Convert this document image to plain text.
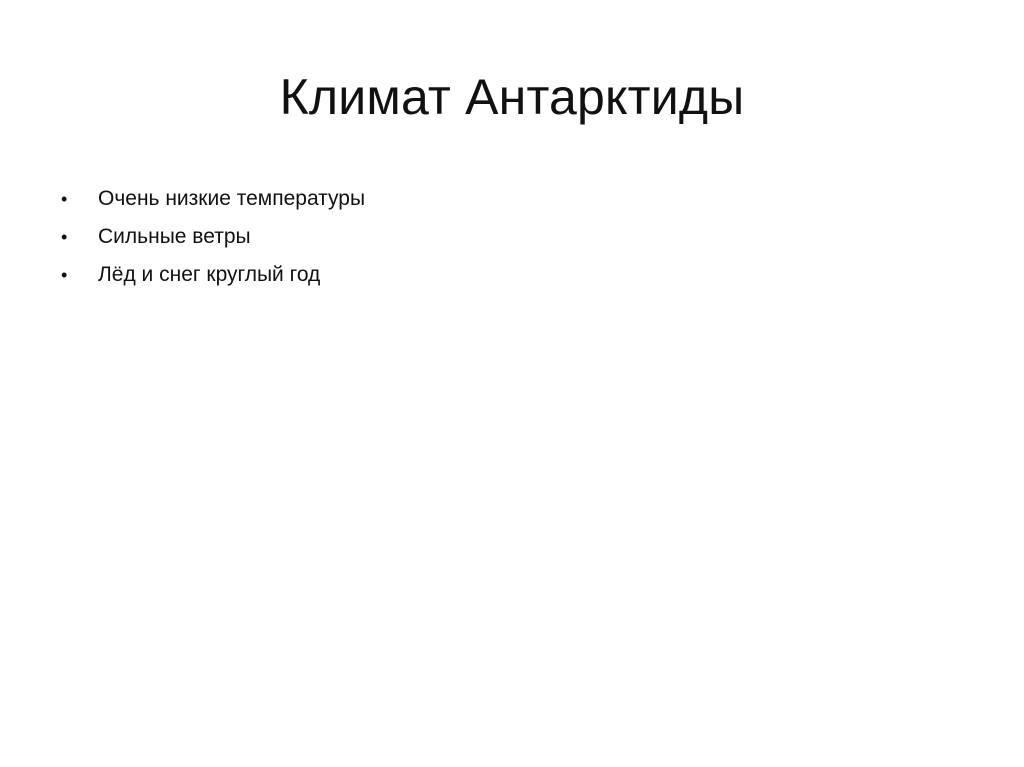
Климат Антарктиды
•	Очень низкие температуры
•	Сильные ветры
•	Лёд и снег круглый год
